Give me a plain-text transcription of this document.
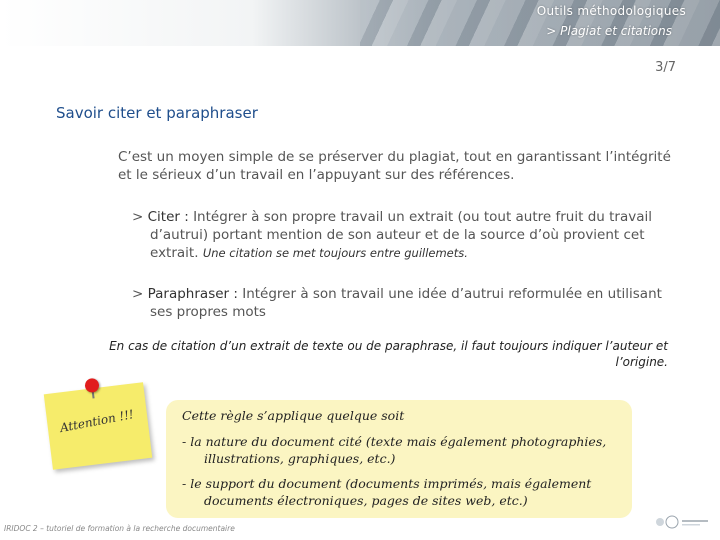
Outils méthodologiques
> Plagiat et citations
3/7
Savoir citer et paraphraser
C’est un moyen simple de se préserver du plagiat, tout en garantissant l’intégrité et le sérieux d’un travail en l’appuyant sur des références.
> Citer : Intégrer à son propre travail un extrait (ou tout autre fruit du travail d’autrui) portant mention de son auteur et de la source d’où provient cet extrait. Une citation se met toujours entre guillemets.
> Paraphraser : Intégrer à son travail une idée d’autrui reformulée en utilisant ses propres mots
En cas de citation d’un extrait de texte ou de paraphrase, il faut toujours indiquer l’auteur et l’origine.
Attention !!!	Cette règle s’applique quelque soit
- la nature du document cité (texte mais également photographies, illustrations, graphiques, etc.)
- le support du document (documents imprimés, mais également documents électroniques, pages de sites web, etc.)
IRIDOC 2 – tutoriel de formation à la recherche documentaire
